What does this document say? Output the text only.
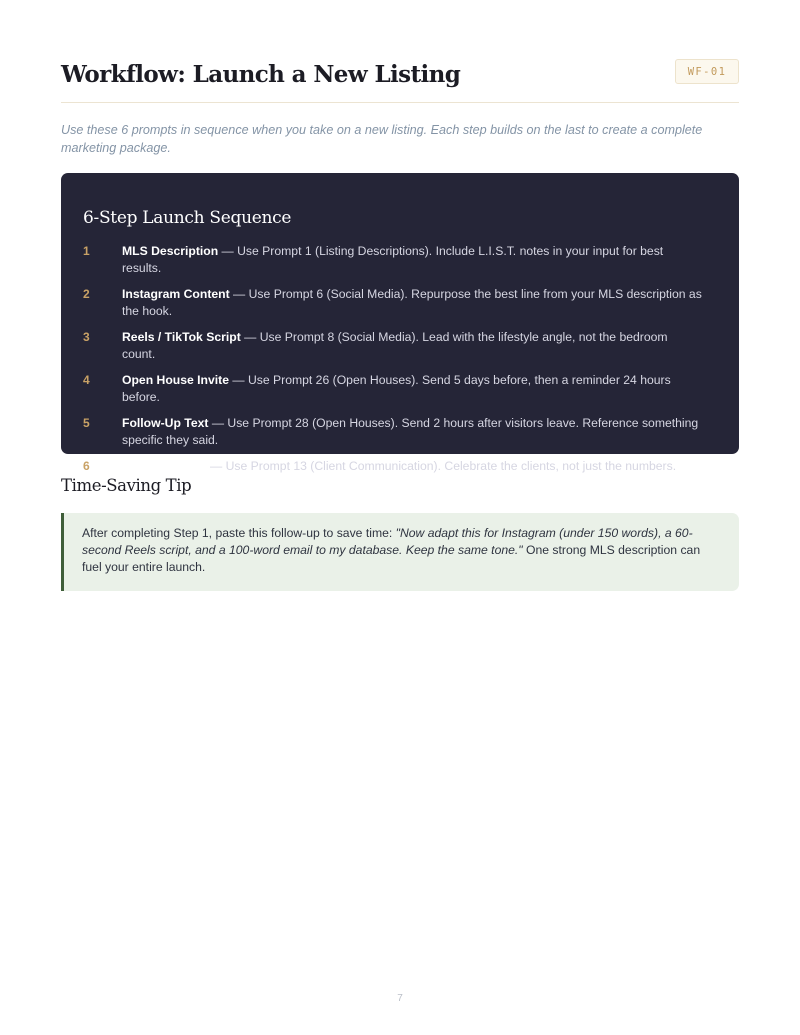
Workflow: Launch a New Listing	WF-01

Use these 6 prompts in sequence when you take on a new listing. Each step builds on the last to create a complete marketing package.

6-Step Launch Sequence
1	MLS Description — Use Prompt 1 (Listing Descriptions). Include L.I.S.T. notes in your input for best results.
2	Instagram Content — Use Prompt 6 (Social Media). Repurpose the best line from your MLS description as the hook.
3	Reels / TikTok Script — Use Prompt 8 (Social Media). Lead with the lifestyle angle, not the bedroom count.
4	Open House Invite — Use Prompt 26 (Open Houses). Send 5 days before, then a reminder 24 hours before.
5	Follow-Up Text — Use Prompt 28 (Open Houses). Send 2 hours after visitors leave. Reference something specific they said.
6	Just Sold Post — Use Prompt 13 (Client Communication). Celebrate the clients, not just the numbers.
Time-Saving Tip
After completing Step 1, paste this follow-up to save time: "Now adapt this for Instagram (under 150 words), a 60-second Reels script, and a 100-word email to my database. Keep the same tone." One strong MLS description can fuel your entire launch.
7
